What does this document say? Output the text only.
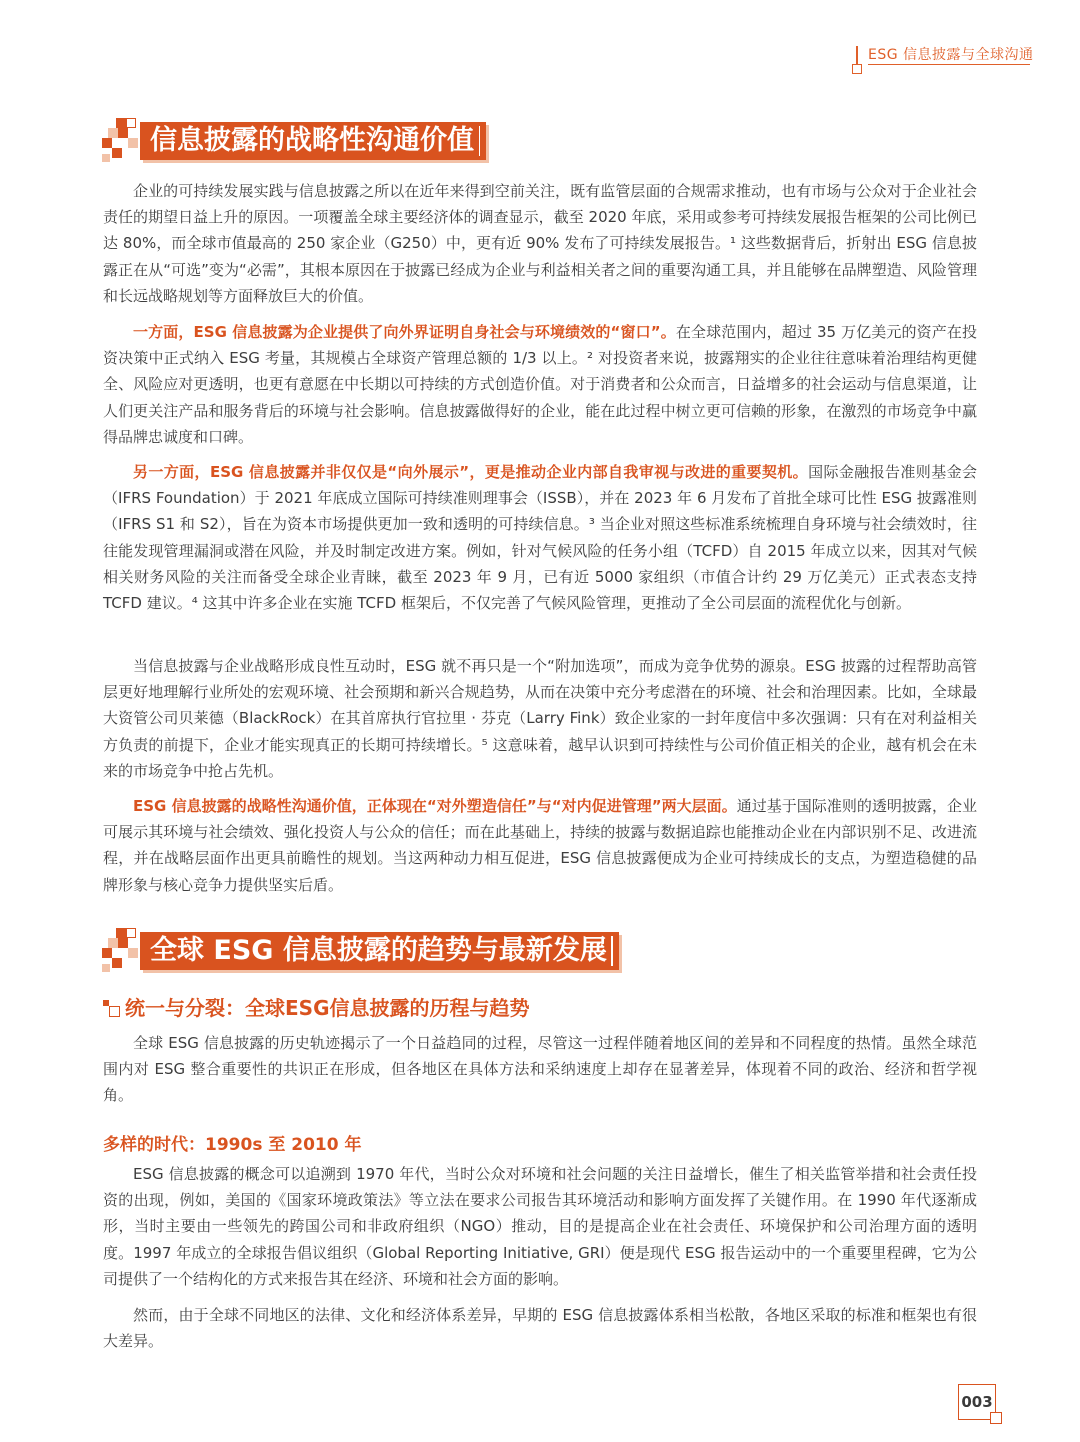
ESG 信息披露与全球沟通
信息披露的战略性沟通价值

企业的可持续发展实践与信息披露之所以在近年来得到空前关注，既有监管层面的合规需求推动，也有市场与公众对于企业社会责任的期望日益上升的原因。一项覆盖全球主要经济体的调查显示，截至 2020 年底，采用或参考可持续发展报告框架的公司比例已达 80%，而全球市值最高的 250 家企业（G250）中，更有近 90% 发布了可持续发展报告。¹ 这些数据背后，折射出 ESG 信息披露正在从“可选”变为“必需”，其根本原因在于披露已经成为企业与利益相关者之间的重要沟通工具，并且能够在品牌塑造、风险管理和长远战略规划等方面释放巨大的价值。

一方面，ESG 信息披露为企业提供了向外界证明自身社会与环境绩效的“窗口”。在全球范围内，超过 35 万亿美元的资产在投资决策中正式纳入 ESG 考量，其规模占全球资产管理总额的 1/3 以上。² 对投资者来说，披露翔实的企业往往意味着治理结构更健全、风险应对更透明，也更有意愿在中长期以可持续的方式创造价值。对于消费者和公众而言，日益增多的社会运动与信息渠道，让人们更关注产品和服务背后的环境与社会影响。信息披露做得好的企业，能在此过程中树立更可信赖的形象，在激烈的市场竞争中赢得品牌忠诚度和口碑。

另一方面，ESG 信息披露并非仅仅是“向外展示”，更是推动企业内部自我审视与改进的重要契机。国际金融报告准则基金会（IFRS Foundation）于 2021 年底成立国际可持续准则理事会（ISSB），并在 2023 年 6 月发布了首批全球可比性 ESG 披露准则（IFRS S1 和 S2），旨在为资本市场提供更加一致和透明的可持续信息。³ 当企业对照这些标准系统梳理自身环境与社会绩效时，往往能发现管理漏洞或潜在风险，并及时制定改进方案。例如，针对气候风险的任务小组（TCFD）自 2015 年成立以来，因其对气候相关财务风险的关注而备受全球企业青睐，截至 2023 年 9 月，已有近 5000 家组织（市值合计约 29 万亿美元）正式表态支持 TCFD 建议。⁴ 这其中许多企业在实施 TCFD 框架后，不仅完善了气候风险管理，更推动了全公司层面的流程优化与创新。

当信息披露与企业战略形成良性互动时，ESG 就不再只是一个“附加选项”，而成为竞争优势的源泉。ESG 披露的过程帮助高管层更好地理解行业所处的宏观环境、社会预期和新兴合规趋势，从而在决策中充分考虑潜在的环境、社会和治理因素。比如，全球最大资管公司贝莱德（BlackRock）在其首席执行官拉里 · 芬克（Larry Fink）致企业家的一封年度信中多次强调：只有在对利益相关方负责的前提下，企业才能实现真正的长期可持续增长。⁵ 这意味着，越早认识到可持续性与公司价值正相关的企业，越有机会在未来的市场竞争中抢占先机。

ESG 信息披露的战略性沟通价值，正体现在“对外塑造信任”与“对内促进管理”两大层面。通过基于国际准则的透明披露，企业可展示其环境与社会绩效、强化投资人与公众的信任；而在此基础上，持续的披露与数据追踪也能推动企业在内部识别不足、改进流程，并在战略层面作出更具前瞻性的规划。当这两种动力相互促进，ESG 信息披露便成为企业可持续成长的支点，为塑造稳健的品牌形象与核心竞争力提供坚实后盾。

全球 ESG 信息披露的趋势与最新发展
统一与分裂：全球ESG信息披露的历程与趋势

全球 ESG 信息披露的历史轨迹揭示了一个日益趋同的过程，尽管这一过程伴随着地区间的差异和不同程度的热情。虽然全球范围内对 ESG 整合重要性的共识正在形成，但各地区在具体方法和采纳速度上却存在显著差异，体现着不同的政治、经济和哲学视角。

多样的时代：1990s 至 2010 年

ESG 信息披露的概念可以追溯到 1970 年代，当时公众对环境和社会问题的关注日益增长，催生了相关监管举措和社会责任投资的出现，例如，美国的《国家环境政策法》等立法在要求公司报告其环境活动和影响方面发挥了关键作用。在 1990 年代逐渐成形，当时主要由一些领先的跨国公司和非政府组织（NGO）推动，目的是提高企业在社会责任、环境保护和公司治理方面的透明度。1997 年成立的全球报告倡议组织（Global Reporting Initiative, GRI）便是现代 ESG 报告运动中的一个重要里程碑，它为公司提供了一个结构化的方式来报告其在经济、环境和社会方面的影响。

然而，由于全球不同地区的法律、文化和经济体系差异，早期的 ESG 信息披露体系相当松散，各地区采取的标准和框架也有很大差异。

003
